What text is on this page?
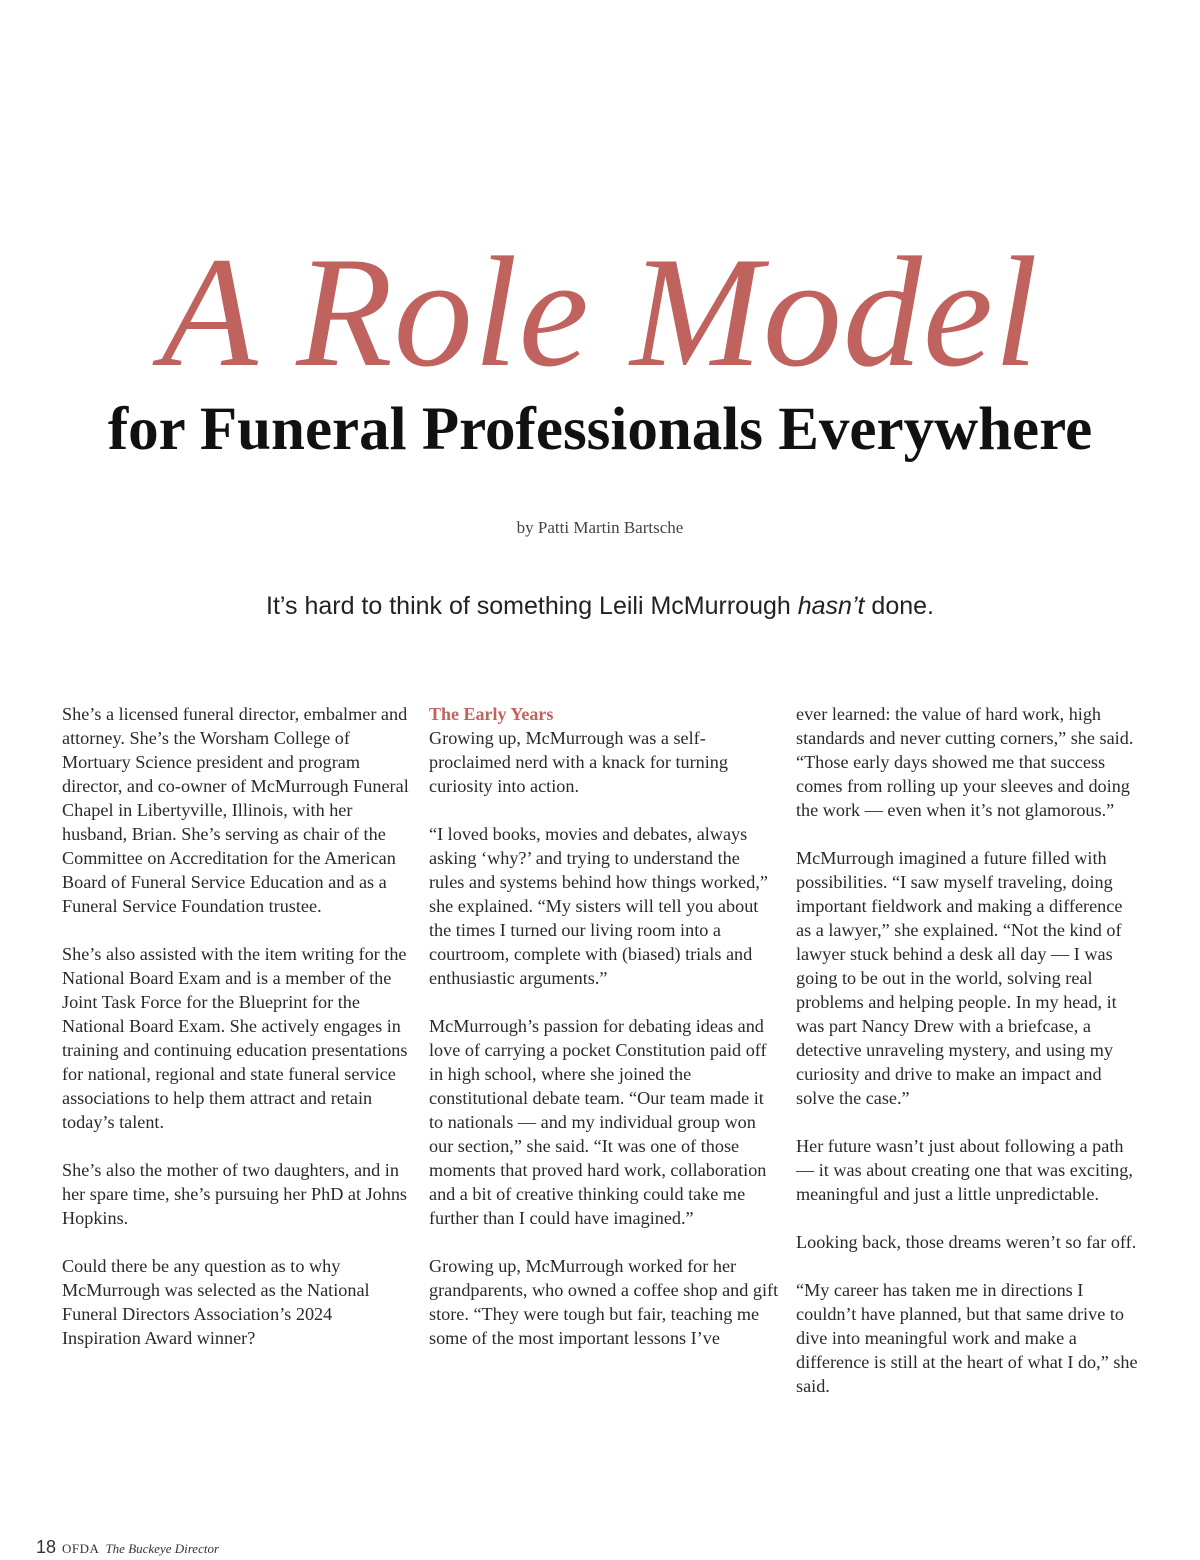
A Role Model
for Funeral Professionals Everywhere
by Patti Martin Bartsche
It’s hard to think of something Leili McMurrough hasn’t done.

She’s a licensed funeral director, embalmer and attorney. She’s the Worsham College of Mortuary Science president and program director, and co-owner of McMurrough Funeral Chapel in Libertyville, Illinois, with her husband, Brian. She’s serving as chair of the Committee on Accreditation for the American Board of Funeral Service Education and as a Funeral Service Foundation trustee.

She’s also assisted with the item writing for the National Board Exam and is a member of the Joint Task Force for the Blueprint for the National Board Exam. She actively engages in training and continuing education presentations for national, regional and state funeral service associations to help them attract and retain today’s talent.

She’s also the mother of two daughters, and in her spare time, she’s pursuing her PhD at Johns Hopkins.

Could there be any question as to why McMurrough was selected as the National Funeral Directors Association’s 2024 Inspiration Award winner?

The Early Years

Growing up, McMurrough was a self-proclaimed nerd with a knack for turning curiosity into action.

“I loved books, movies and debates, always asking ‘why?’ and trying to understand the rules and systems behind how things worked,” she explained. “My sisters will tell you about the times I turned our living room into a courtroom, complete with (biased) trials and enthusiastic arguments.”

McMurrough’s passion for debating ideas and love of carrying a pocket Constitution paid off in high school, where she joined the constitutional debate team. “Our team made it to nationals — and my individual group won our section,” she said. “It was one of those moments that proved hard work, collaboration and a bit of creative thinking could take me further than I could have imagined.”

Growing up, McMurrough worked for her grandparents, who owned a coffee shop and gift store. “They were tough but fair, teaching me some of the most important lessons I’ve

ever learned: the value of hard work, high standards and never cutting corners,” she said. “Those early days showed me that success comes from rolling up your sleeves and doing the work — even when it’s not glamorous.”

McMurrough imagined a future filled with possibilities. “I saw myself traveling, doing important fieldwork and making a difference as a lawyer,” she explained. “Not the kind of lawyer stuck behind a desk all day — I was going to be out in the world, solving real problems and helping people. In my head, it was part Nancy Drew with a briefcase, a detective unraveling mystery, and using my curiosity and drive to make an impact and solve the case.”

Her future wasn’t just about following a path — it was about creating one that was exciting, meaningful and just a little unpredictable.

Looking back, those dreams weren’t so far off.

“My career has taken me in directions I couldn’t have planned, but that same drive to dive into meaningful work and make a difference is still at the heart of what I do,” she said.

18 OFDA The Buckeye Director
